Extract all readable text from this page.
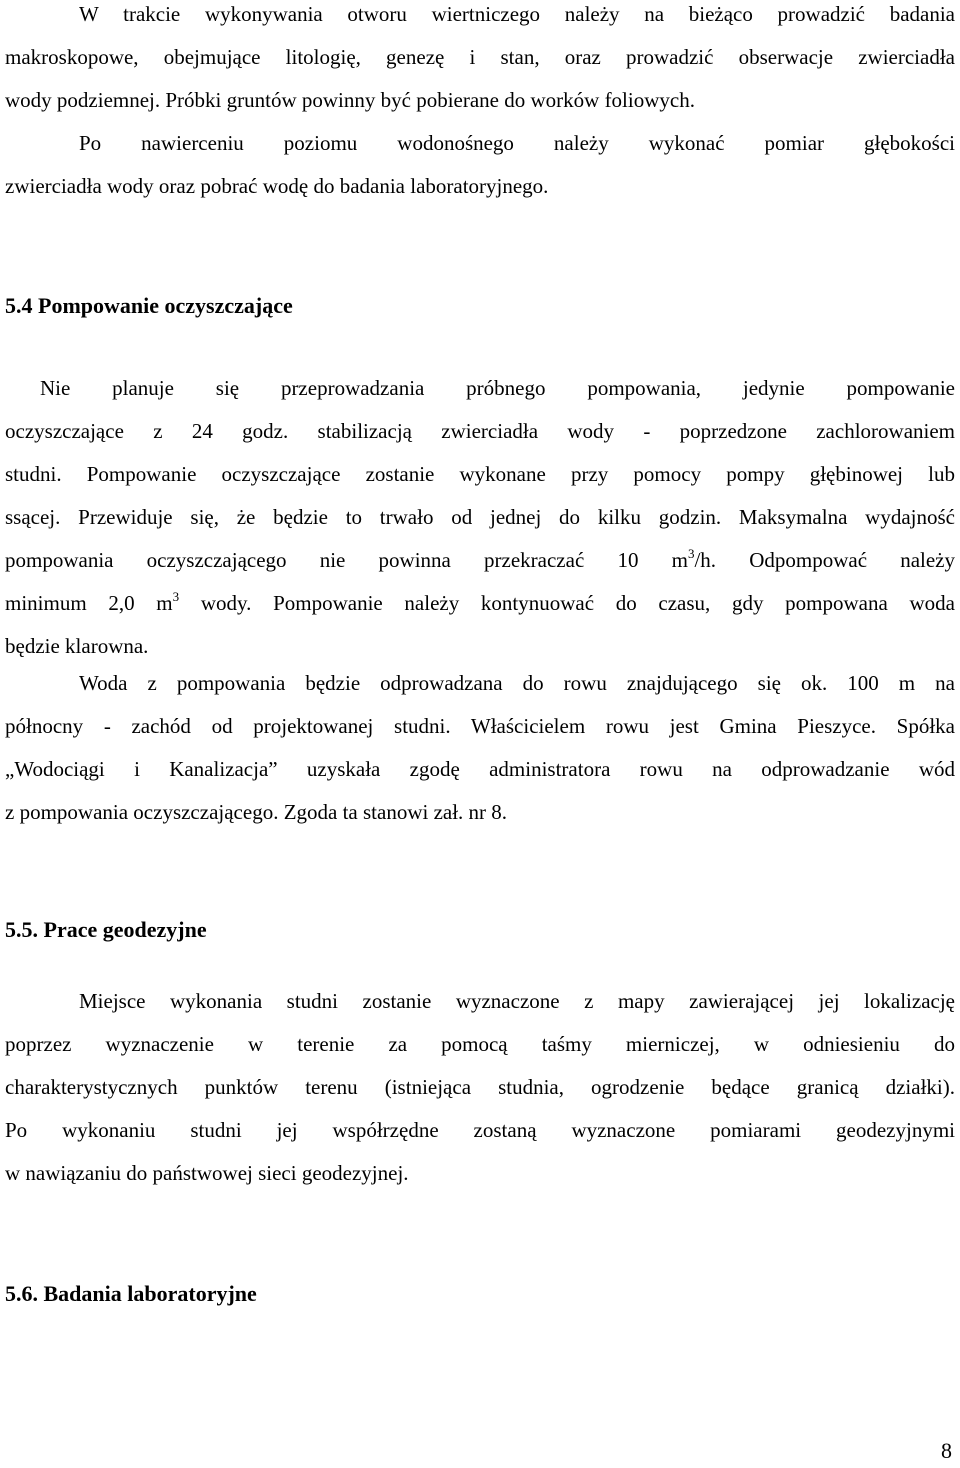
W trakcie wykonywania otworu wiertniczego należy na bieżąco prowadzić badania
makroskopowe, obejmujące litologię, genezę i stan, oraz prowadzić obserwacje zwierciadła
wody podziemnej. Próbki gruntów powinny być pobierane do worków foliowych.
Po nawierceniu poziomu wodonośnego należy wykonać pomiar głębokości
zwierciadła wody oraz pobrać wodę do badania laboratoryjnego.
5.4 Pompowanie oczyszczające
Nie planuje się przeprowadzania próbnego pompowania, jedynie pompowanie
oczyszczające z 24 godz. stabilizacją zwierciadła wody - poprzedzone zachlorowaniem
studni. Pompowanie oczyszczające zostanie wykonane przy pomocy pompy głębinowej lub
ssącej. Przewiduje się, że będzie to trwało od jednej do kilku godzin. Maksymalna wydajność
pompowania oczyszczającego nie powinna przekraczać 10 $m^3/h$. Odpompować należy
minimum 2,0 $m^3$ wody. Pompowanie należy kontynuować do czasu, gdy pompowana woda
będzie klarowna.
Woda z pompowania będzie odprowadzana do rowu znajdującego się ok. 100 m na
północny - zachód od projektowanej studni. Właścicielem rowu jest Gmina Pieszyce. Spółka
„Wodociągi i Kanalizacja” uzyskała zgodę administratora rowu na odprowadzanie wód
z pompowania oczyszczającego. Zgoda ta stanowi zał. nr 8.
5.5. Prace geodezyjne
Miejsce wykonania studni zostanie wyznaczone z mapy zawierającej jej lokalizację
poprzez wyznaczenie w terenie za pomocą taśmy mierniczej, w odniesieniu do
charakterystycznych punktów terenu (istniejąca studnia, ogrodzenie będące granicą działki).
Po wykonaniu studni jej współrzędne zostaną wyznaczone pomiarami geodezyjnymi
w nawiązaniu do państwowej sieci geodezyjnej.
5.6. Badania laboratoryjne
8
